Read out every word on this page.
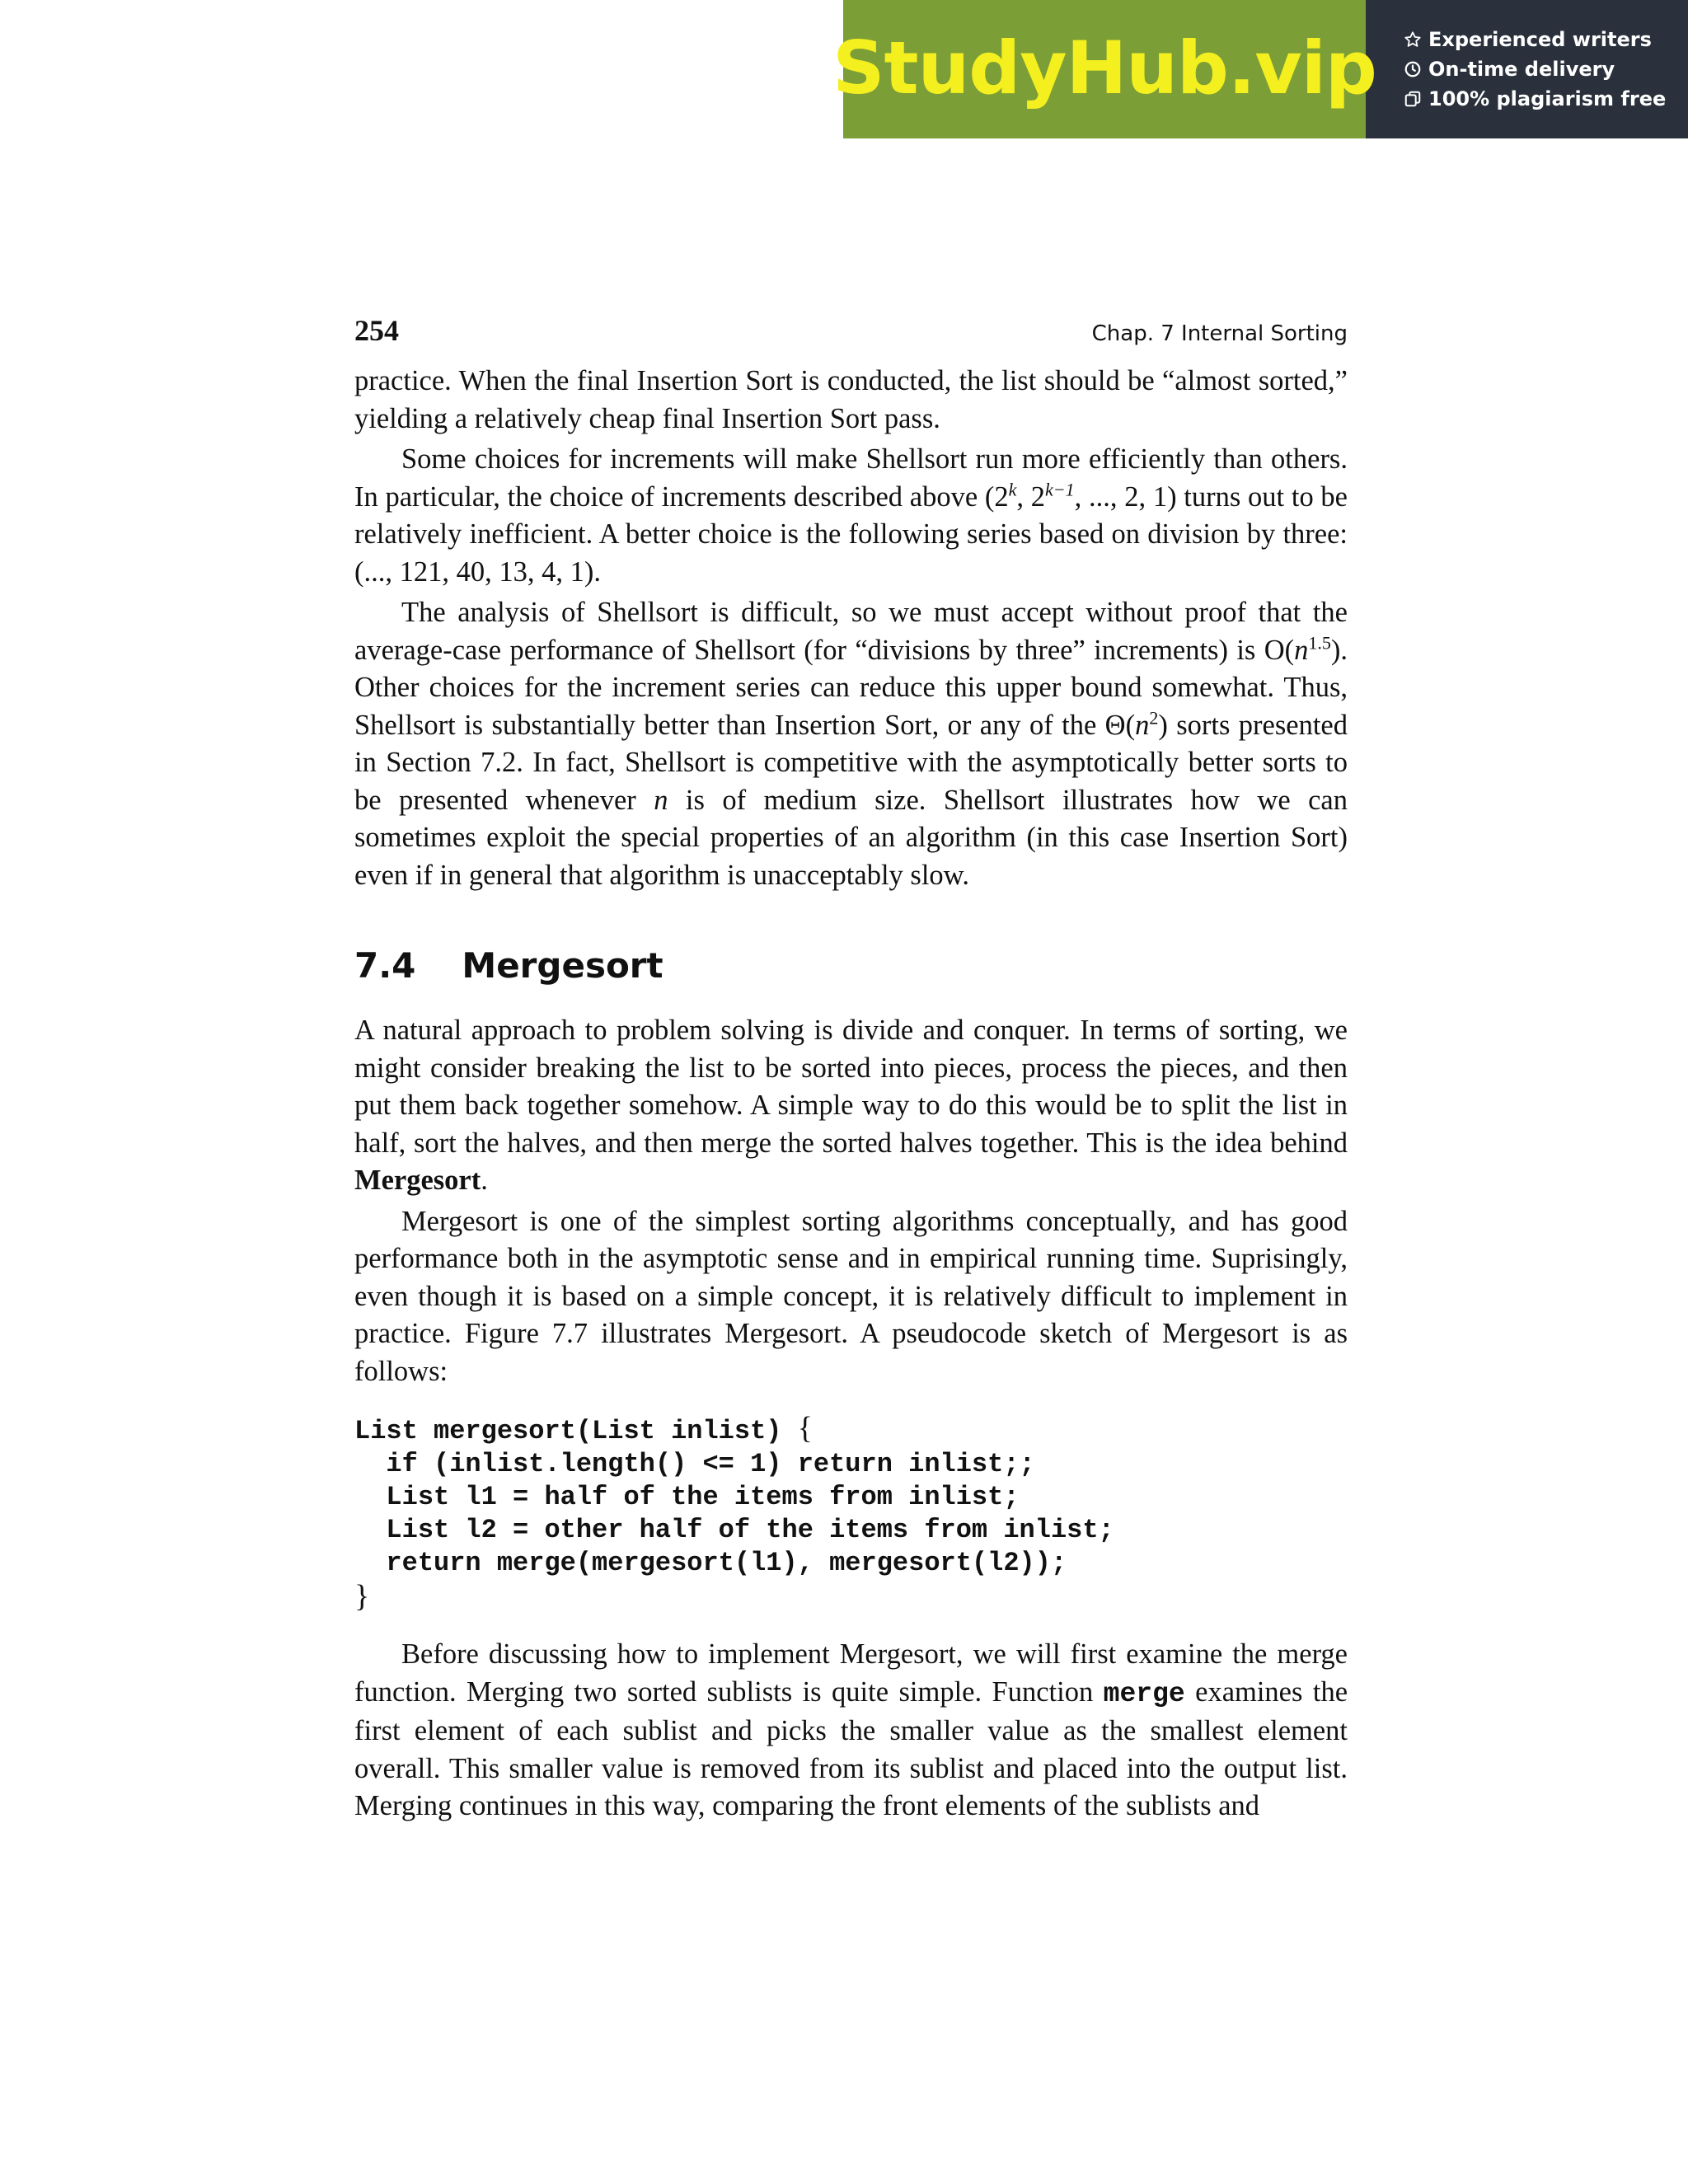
StudyHub.vip	Experienced writers
On-time delivery
100% plagiarism free
254	Chap. 7 Internal Sorting

practice. When the final Insertion Sort is conducted, the list should be “almost sorted,” yielding a relatively cheap final Insertion Sort pass.

Some choices for increments will make Shellsort run more efficiently than others. In particular, the choice of increments described above (2$^k$, $2^{k-1}$, ..., 2, 1) turns out to be relatively inefficient. A better choice is the following series based on division by three: (..., 121, 40, 13, 4, 1).

The analysis of Shellsort is difficult, so we must accept without proof that the average-case performance of Shellsort (for “divisions by three” increments) is $O(n^{1.5})$. Other choices for the increment series can reduce this upper bound somewhat. Thus, Shellsort is substantially better than Insertion Sort, or any of the $\Theta(n^2)$ sorts presented in Section 7.2. In fact, Shellsort is competitive with the asymptotically better sorts to be presented whenever n is of medium size. Shellsort illustrates how we can sometimes exploit the special properties of an algorithm (in this case Insertion Sort) even if in general that algorithm is unacceptably slow.

7.4 Mergesort

A natural approach to problem solving is divide and conquer. In terms of sorting, we might consider breaking the list to be sorted into pieces, process the pieces, and then put them back together somehow. A simple way to do this would be to split the list in half, sort the halves, and then merge the sorted halves together. This is the idea behind Mergesort.

Mergesort is one of the simplest sorting algorithms conceptually, and has good performance both in the asymptotic sense and in empirical running time. Suprisingly, even though it is based on a simple concept, it is relatively difficult to implement in practice. Figure 7.7 illustrates Mergesort. A pseudocode sketch of Mergesort is as follows:

List mergesort(List inlist) {
if (inlist.length() <= 1) return inlist;;
List l1 = half of the items from inlist;
List l2 = other half of the items from inlist;
return merge(mergesort(l1), mergesort(l2));
}

Before discussing how to implement Mergesort, we will first examine the merge function. Merging two sorted sublists is quite simple. Function merge examines the first element of each sublist and picks the smaller value as the smallest element overall. This smaller value is removed from its sublist and placed into the output list. Merging continues in this way, comparing the front elements of the sublists and
